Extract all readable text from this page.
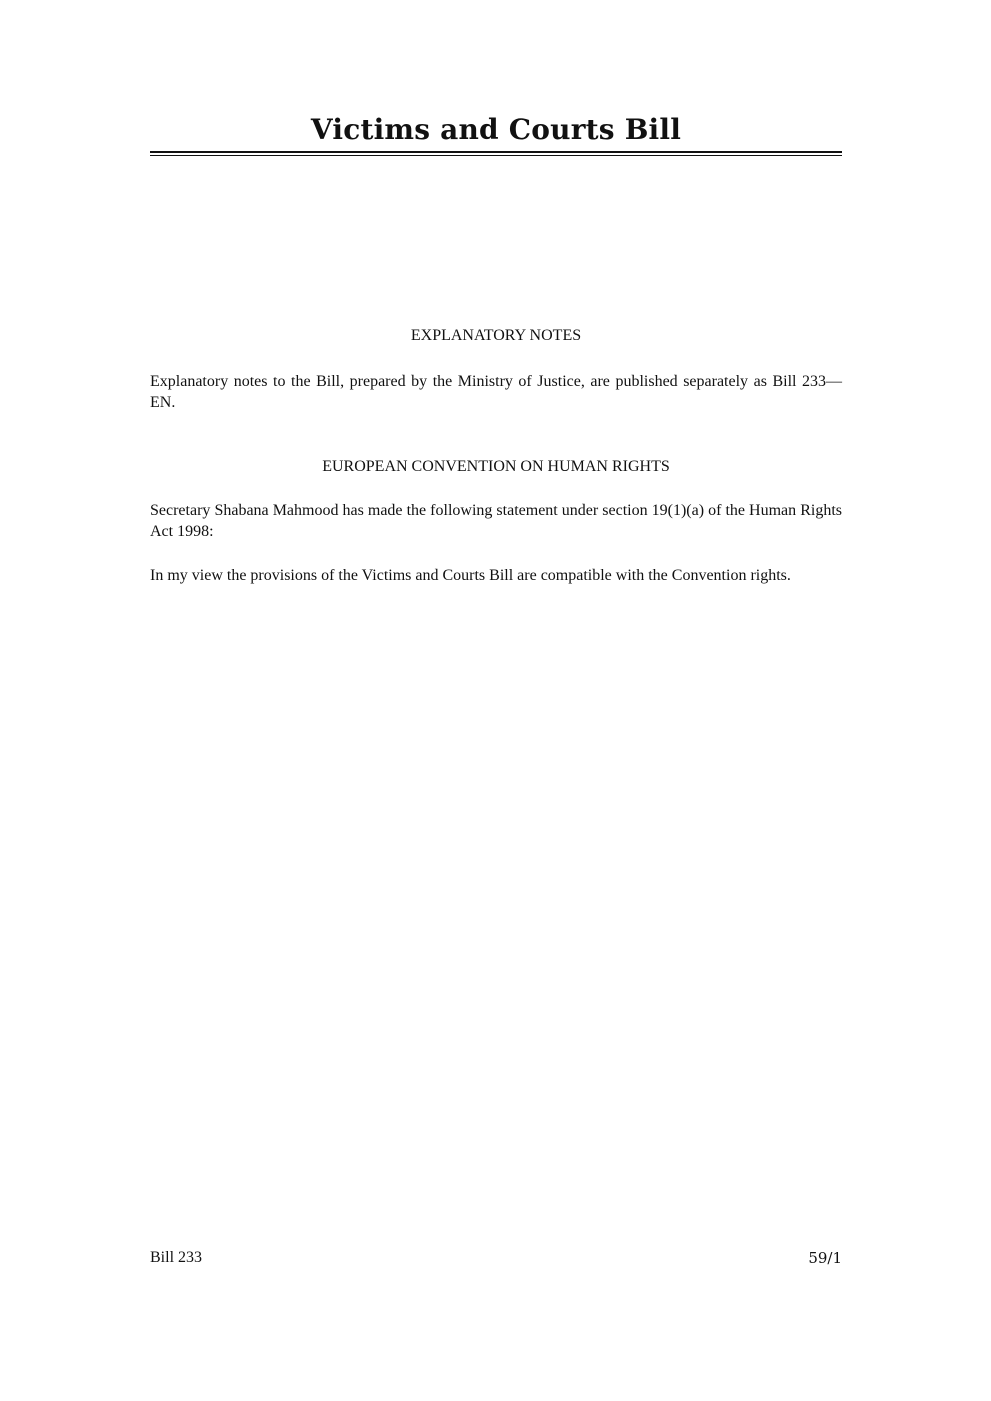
Victims and Courts Bill
EXPLANATORY NOTES

Explanatory notes to the Bill, prepared by the Ministry of Justice, are published separately as Bill 233—EN.

EUROPEAN CONVENTION ON HUMAN RIGHTS

Secretary Shabana Mahmood has made the following statement under section 19(1)(a) of the Human Rights Act 1998:

In my view the provisions of the Victims and Courts Bill are compatible with the Convention rights.

Bill 233	59/1
